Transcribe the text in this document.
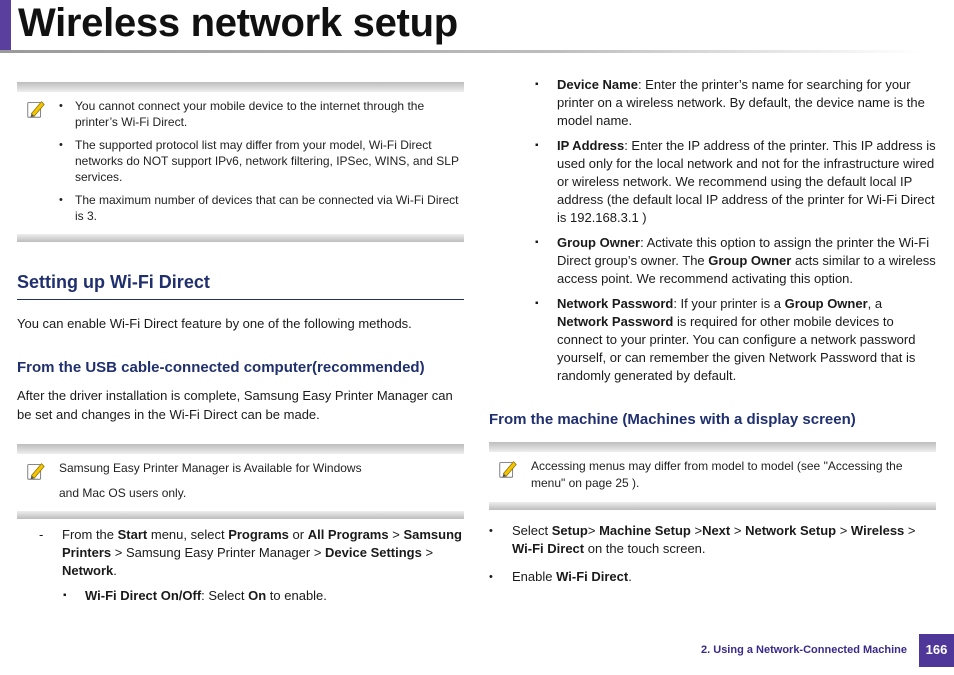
Wireless network setup
• You cannot connect your mobile device to the internet through the printer’s Wi-Fi Direct.
• The supported protocol list may differ from your model, Wi-Fi Direct networks do NOT support IPv6, network filtering, IPSec, WINS, and SLP services.
• The maximum number of devices that can be connected via Wi-Fi Direct is 3.
Setting up Wi-Fi Direct

You can enable Wi-Fi Direct feature by one of the following methods.

From the USB cable-connected computer(recommended)

After the driver installation is complete, Samsung Easy Printer Manager can be set and changes in the Wi-Fi Direct can be made.

Samsung Easy Printer Manager is Available for Windows
and Mac OS users only.
- From the Start menu, select Programs or All Programs > Samsung Printers > Samsung Easy Printer Manager > Device Settings > Network.
▪ Wi-Fi Direct On/Off: Select On to enable.
▪ Device Name: Enter the printer’s name for searching for your printer on a wireless network. By default, the device name is the model name.
▪ IP Address: Enter the IP address of the printer. This IP address is used only for the local network and not for the infrastructure wired or wireless network. We recommend using the default local IP address (the default local IP address of the printer for Wi-Fi Direct is 192.168.3.1 )
▪ Group Owner: Activate this option to assign the printer the Wi-Fi Direct group’s owner. The Group Owner acts similar to a wireless access point. We recommend activating this option.
▪ Network Password: If your printer is a Group Owner, a Network Password is required for other mobile devices to connect to your printer. You can configure a network password yourself, or can remember the given Network Password that is randomly generated by default.
From the machine (Machines with a display screen)
Accessing menus may differ from model to model (see "Accessing the menu" on page 25 ).
• Select Setup> Machine Setup >Next > Network Setup > Wireless > Wi-Fi Direct on the touch screen.
• Enable Wi-Fi Direct.
2. Using a Network-Connected Machine	166
